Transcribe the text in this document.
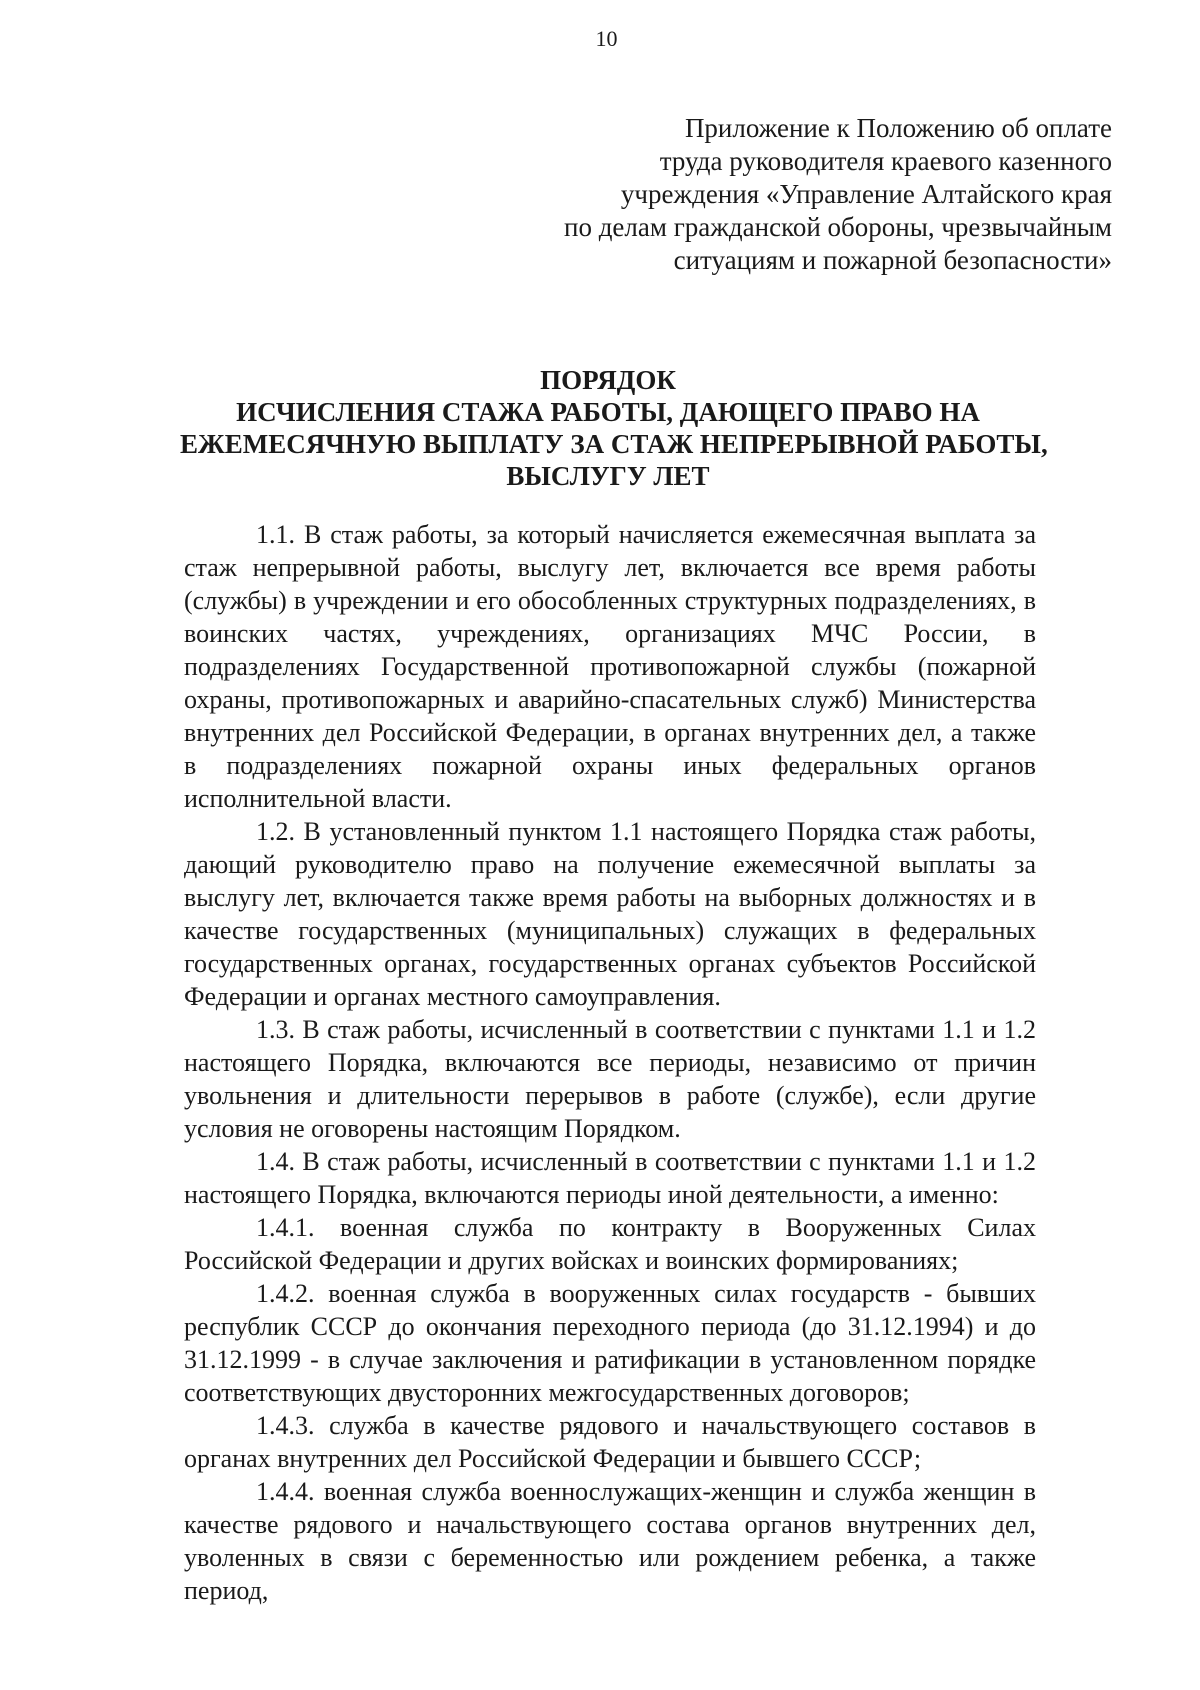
10
Приложение к Положению об оплате
труда руководителя краевого казенного
учреждения «Управление Алтайского края
по делам гражданской обороны, чрезвычайным
ситуациям и пожарной безопасности»
ПОРЯДОК
ИСЧИСЛЕНИЯ СТАЖА РАБОТЫ, ДАЮЩЕГО ПРАВО НА
ЕЖЕМЕСЯЧНУЮ ВЫПЛАТУ ЗА СТАЖ НЕПРЕРЫВНОЙ РАБОТЫ,
ВЫСЛУГУ ЛЕТ

1.1. В стаж работы, за который начисляется ежемесячная выплата за стаж непрерывной работы, выслугу лет, включается все время работы (службы) в учреждении и его обособленных структурных подразделениях, в воинских частях, учреждениях, организациях МЧС России, в подразделениях Государственной противопожарной службы (пожарной охраны, противопожарных и аварийно-спасательных служб) Министерства внутренних дел Российской Федерации, в органах внутренних дел, а также в подразделениях пожарной охраны иных федеральных органов исполнительной власти.

1.2. В установленный пунктом 1.1 настоящего Порядка стаж работы, дающий руководителю право на получение ежемесячной выплаты за выслугу лет, включается также время работы на выборных должностях и в качестве государственных (муниципальных) служащих в федеральных государственных органах, государственных органах субъектов Российской Федерации и органах местного самоуправления.

1.3. В стаж работы, исчисленный в соответствии с пунктами 1.1 и 1.2 настоящего Порядка, включаются все периоды, независимо от причин увольнения и длительности перерывов в работе (службе), если другие условия не оговорены настоящим Порядком.

1.4. В стаж работы, исчисленный в соответствии с пунктами 1.1 и 1.2 настоящего Порядка, включаются периоды иной деятельности, а именно:

1.4.1. военная служба по контракту в Вооруженных Силах Российской Федерации и других войсках и воинских формированиях;

1.4.2. военная служба в вооруженных силах государств - бывших республик СССР до окончания переходного периода (до 31.12.1994) и до 31.12.1999 - в случае заключения и ратификации в установленном порядке соответствующих двусторонних межгосударственных договоров;

1.4.3. служба в качестве рядового и начальствующего составов в органах внутренних дел Российской Федерации и бывшего СССР;

1.4.4. военная служба военнослужащих-женщин и служба женщин в качестве рядового и начальствующего состава органов внутренних дел, уволенных в связи с беременностью или рождением ребенка, а также период,
